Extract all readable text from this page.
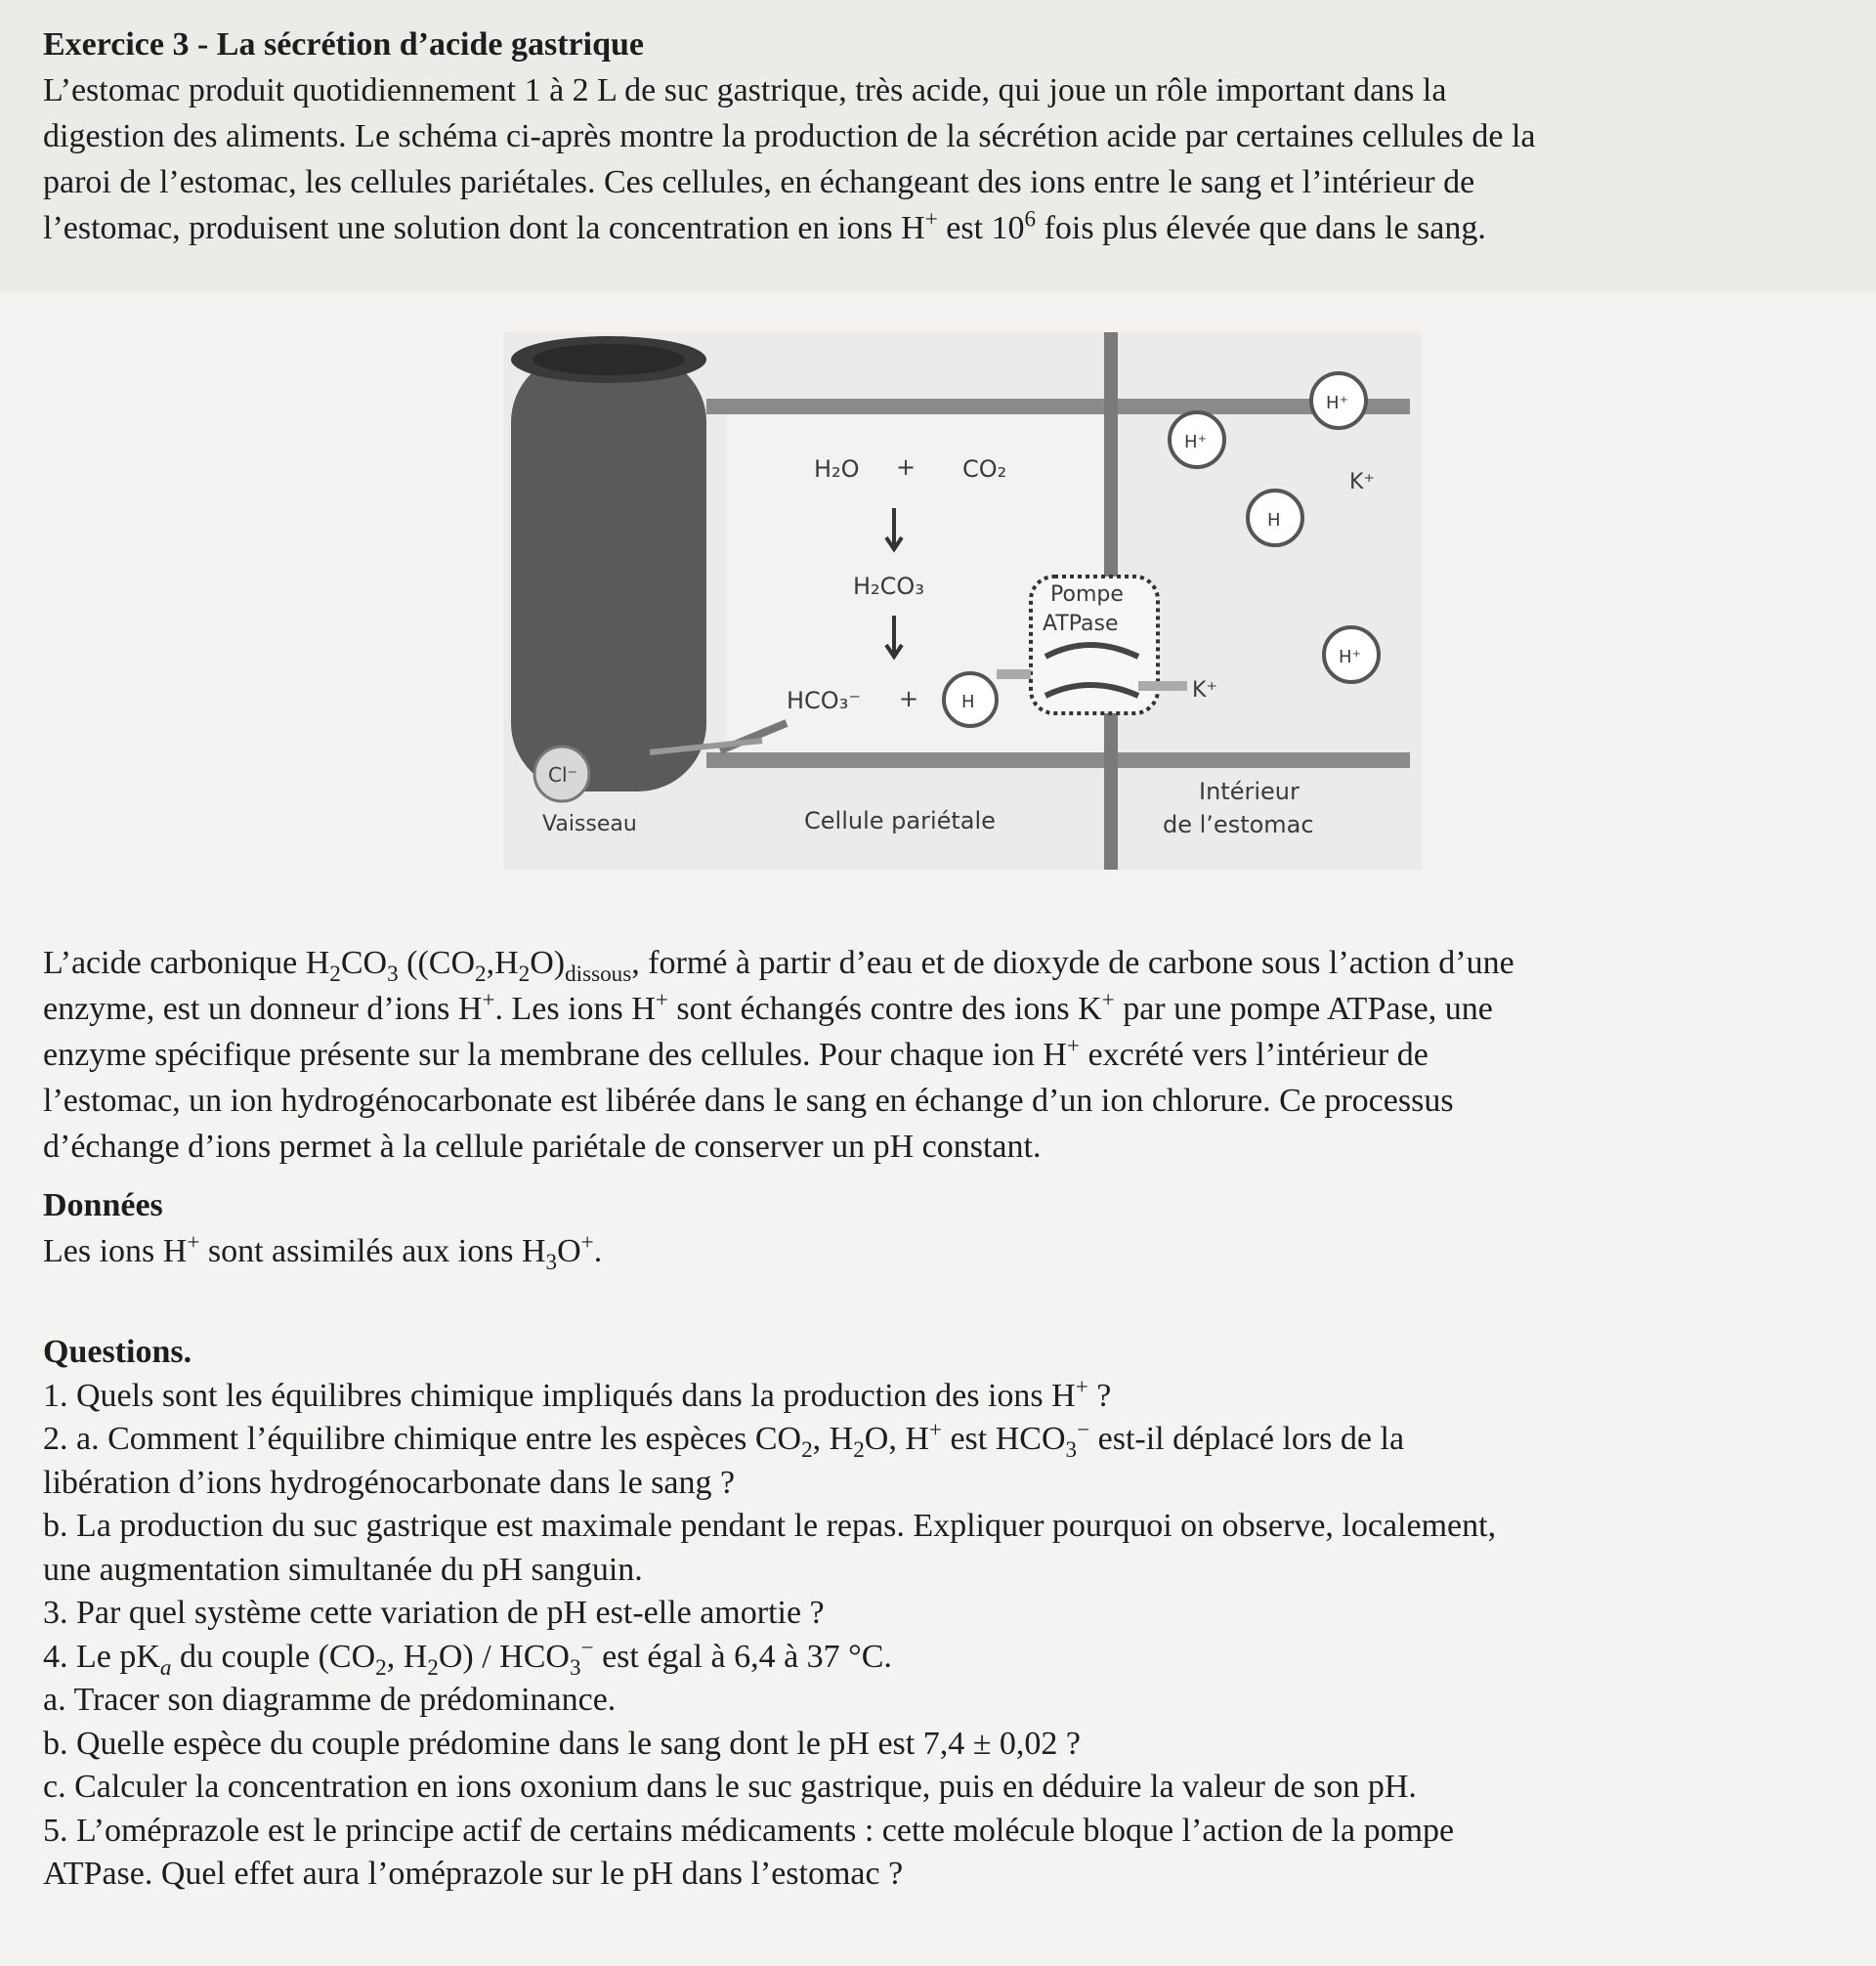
Exercice 3 - La sécrétion d’acide gastrique
L’estomac produit quotidiennement 1 à 2 L de suc gastrique, très acide, qui joue un rôle important dans la
digestion des aliments. Le schéma ci-après montre la production de la sécrétion acide par certaines cellules de la
paroi de l’estomac, les cellules pariétales. Ces cellules, en échangeant des ions entre le sang et l’intérieur de
l’estomac, produisent une solution dont la concentration en ions H+ est $10^6$ fois plus élevée que dans le sang.
H₂O + CO₂
H₂CO₃
HCO₃⁻ + H
Cl⁻
Pompe
ATPase
K⁺
H⁺
H⁺
H
K⁺
H⁺
Vaisseau	Cellule pariétale
Intérieur
de l’estomac
L’acide carbonique $H_2CO_3$ ($(CO_2,H_2O)_{dissous}$, formé à partir d’eau et de dioxyde de carbone sous l’action d’une
enzyme, est un donneur d’ions H+. Les ions H+ sont échangés contre des ions K+ par une pompe ATPase, une
enzyme spécifique présente sur la membrane des cellules. Pour chaque ion H+ excrété vers l’intérieur de
l’estomac, un ion hydrogénocarbonate est libérée dans le sang en échange d’un ion chlorure. Ce processus
d’échange d’ions permet à la cellule pariétale de conserver un pH constant.
Données
Les ions H+ sont assimilés aux ions $H_3O^+$.
Questions.
1. Quels sont les équilibres chimique impliqués dans la production des ions H+ ?
2. a. Comment l’équilibre chimique entre les espèces $CO_2$, $H_2O$, H+ est $HCO_3^-$ est-il déplacé lors de la
libération d’ions hydrogénocarbonate dans le sang ?
b. La production du suc gastrique est maximale pendant le repas. Expliquer pourquoi on observe, localement,
une augmentation simultanée du pH sanguin.
3. Par quel système cette variation de pH est-elle amortie ?
4. Le $pK_a$ du couple ($CO_2$, $H_2O) / HCO_3^-$ est égal à 6,4 à 37 °C.
a. Tracer son diagramme de prédominance.
b. Quelle espèce du couple prédomine dans le sang dont le pH est 7,4 ± 0,02 ?
c. Calculer la concentration en ions oxonium dans le suc gastrique, puis en déduire la valeur de son pH.
5. L’oméprazole est le principe actif de certains médicaments : cette molécule bloque l’action de la pompe
ATPase. Quel effet aura l’oméprazole sur le pH dans l’estomac ?
